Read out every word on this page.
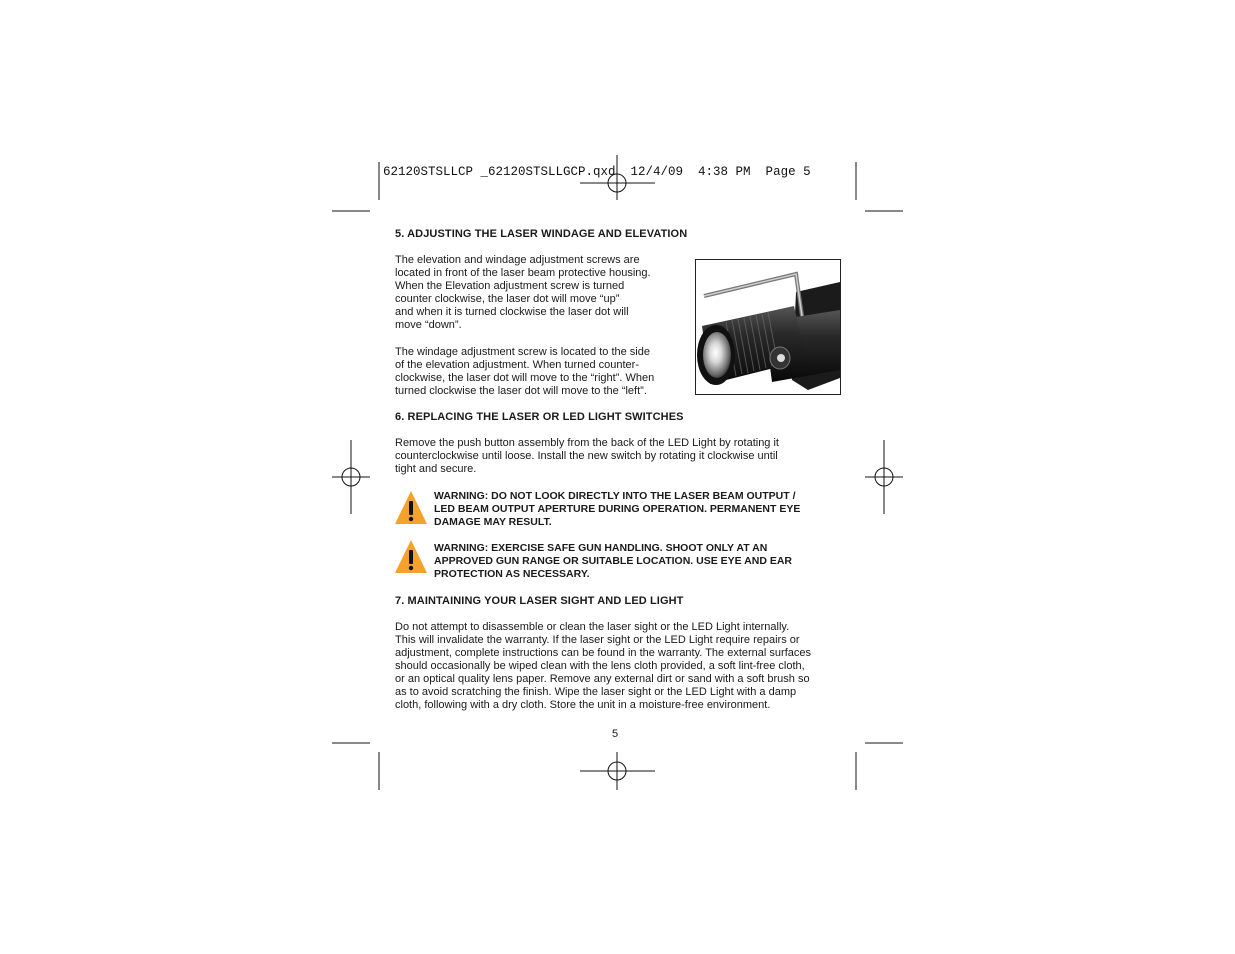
62120STSLLCP _62120STSLLGCP.qxd  12/4/09  4:38 PM  Page 5
5. ADJUSTING THE LASER WINDAGE AND ELEVATION
The elevation and windage adjustment screws are
located in front of the laser beam protective housing.
When the Elevation adjustment screw is turned
counter clockwise, the laser dot will move “up”
and when it is turned clockwise the laser dot will
move “down”.
The windage adjustment screw is located to the side
of the elevation adjustment. When turned counter-
clockwise, the laser dot will move to the “right”. When
turned clockwise the laser dot will move to the “left”.
6. REPLACING THE LASER OR LED LIGHT SWITCHES
Remove the push button assembly from the back of the LED Light by rotating it
counterclockwise until loose. Install the new switch by rotating it clockwise until
tight and secure.
WARNING: DO NOT LOOK DIRECTLY INTO THE LASER BEAM OUTPUT /
LED BEAM OUTPUT APERTURE DURING OPERATION. PERMANENT EYE
DAMAGE MAY RESULT.
WARNING: EXERCISE SAFE GUN HANDLING. SHOOT ONLY AT AN
APPROVED GUN RANGE OR SUITABLE LOCATION. USE EYE AND EAR
PROTECTION AS NECESSARY.
7. MAINTAINING YOUR LASER SIGHT AND LED LIGHT
Do not attempt to disassemble or clean the laser sight or the LED Light internally.
This will invalidate the warranty. If the laser sight or the LED Light require repairs or
adjustment, complete instructions can be found in the warranty. The external surfaces
should occasionally be wiped clean with the lens cloth provided, a soft lint-free cloth,
or an optical quality lens paper. Remove any external dirt or sand with a soft brush so
as to avoid scratching the finish. Wipe the laser sight or the LED Light with a damp
cloth, following with a dry cloth. Store the unit in a moisture-free environment.
5
